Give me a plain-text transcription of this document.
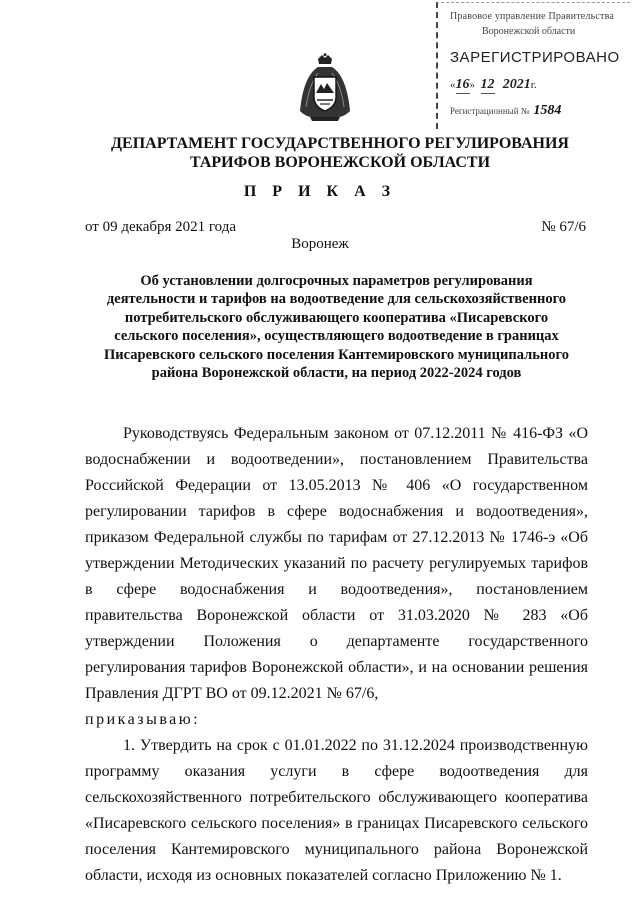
Правовое управление Правительства
Воронежской области
ЗАРЕГИСТРИРОВАНО
«16»  12 2021г.
Регистрационный № 1584
ДЕПАРТАМЕНТ ГОСУДАРСТВЕННОГО РЕГУЛИРОВАНИЯ
ТАРИФОВ ВОРОНЕЖСКОЙ ОБЛАСТИ
П Р И К А З
от 09 декабря 2021 года	№ 67/6
Воронеж
Об установлении долгосрочных параметров регулирования
деятельности и тарифов на водоотведение для сельскохозяйственного
потребительского обслуживающего кооператива «Писаревского
сельского поселения», осуществляющего водоотведение в границах
Писаревского сельского поселения Кантемировского муниципального
района Воронежской области, на период 2022-2024 годов

Руководствуясь Федеральным законом от 07.12.2011 № 416-ФЗ «О водоснабжении и водоотведении», постановлением Правительства Российской Федерации от 13.05.2013 № 406 «О государственном регулировании тарифов в сфере водоснабжения и водоотведения», приказом Федеральной службы по тарифам от 27.12.2013 № 1746-э «Об утверждении Методических указаний по расчету регулируемых тарифов в сфере водоснабжения и водоотведения», постановлением правительства Воронежской области от 31.03.2020 № 283 «Об утверждении Положения о департаменте государственного регулирования тарифов Воронежской области», и на основании решения Правления ДГРТ ВО от 09.12.2021 № 67/6,

приказываю:

1. Утвердить на срок с 01.01.2022 по 31.12.2024 производственную программу оказания услуги в сфере водоотведения для сельскохозяйственного потребительского обслуживающего кооператива «Писаревского сельского поселения» в границах Писаревского сельского поселения Кантемировского муниципального района Воронежской области, исходя из основных показателей согласно Приложению № 1.
